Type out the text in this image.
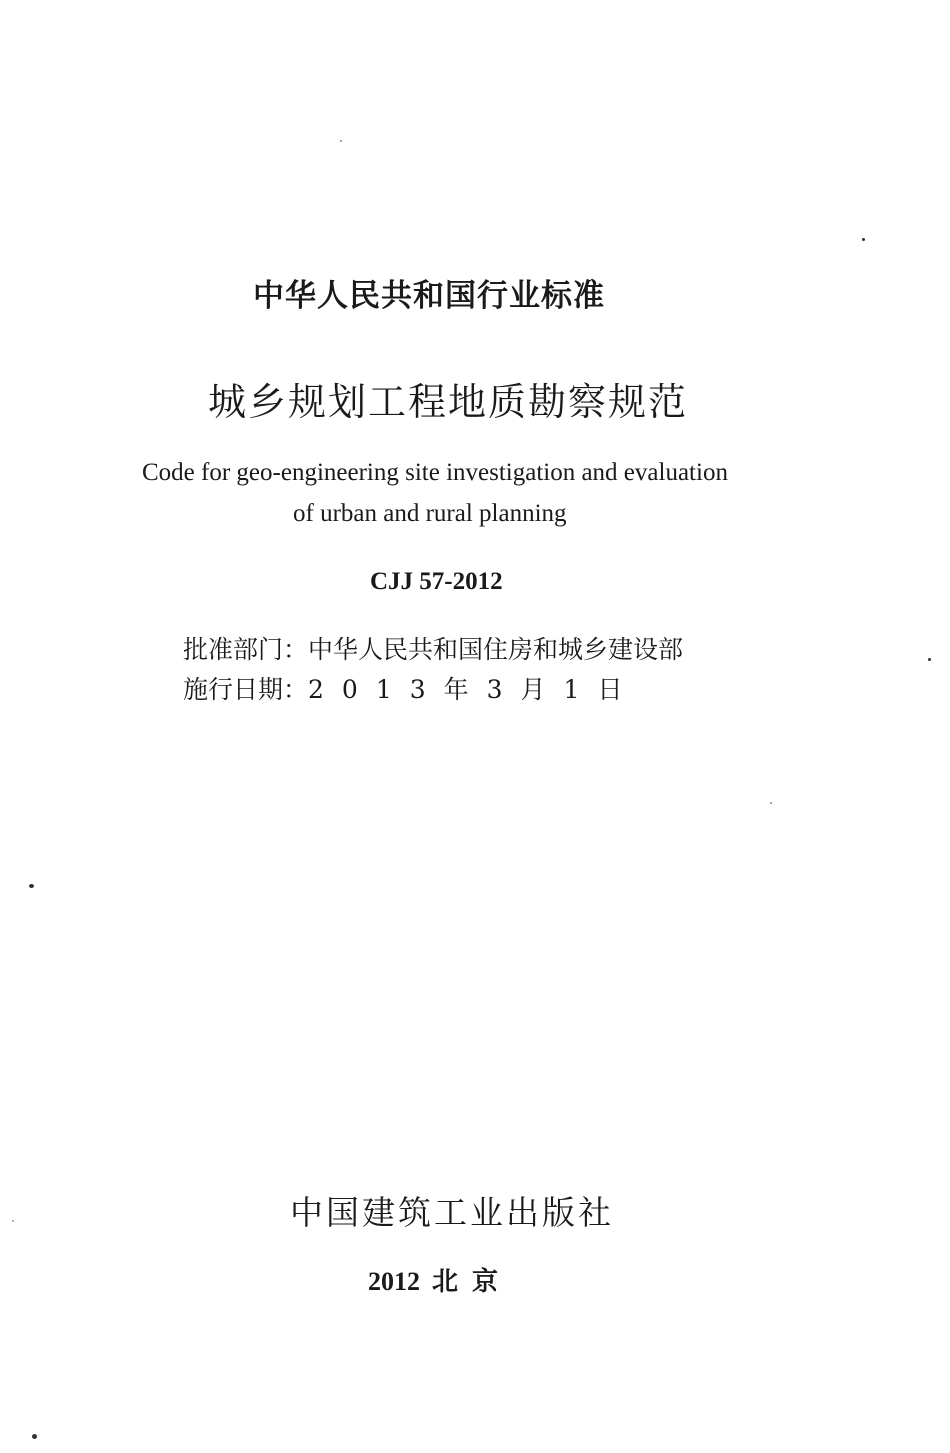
中华人民共和国行业标准
城乡规划工程地质勘察规范
Code for geo-engineering site investigation and evaluation
of urban and rural planning
CJJ 57-2012
批准部门： 中华人民共和国住房和城乡建设部
施行日期： 2013年3月1日
中国建筑工业出版社
2012 北京
